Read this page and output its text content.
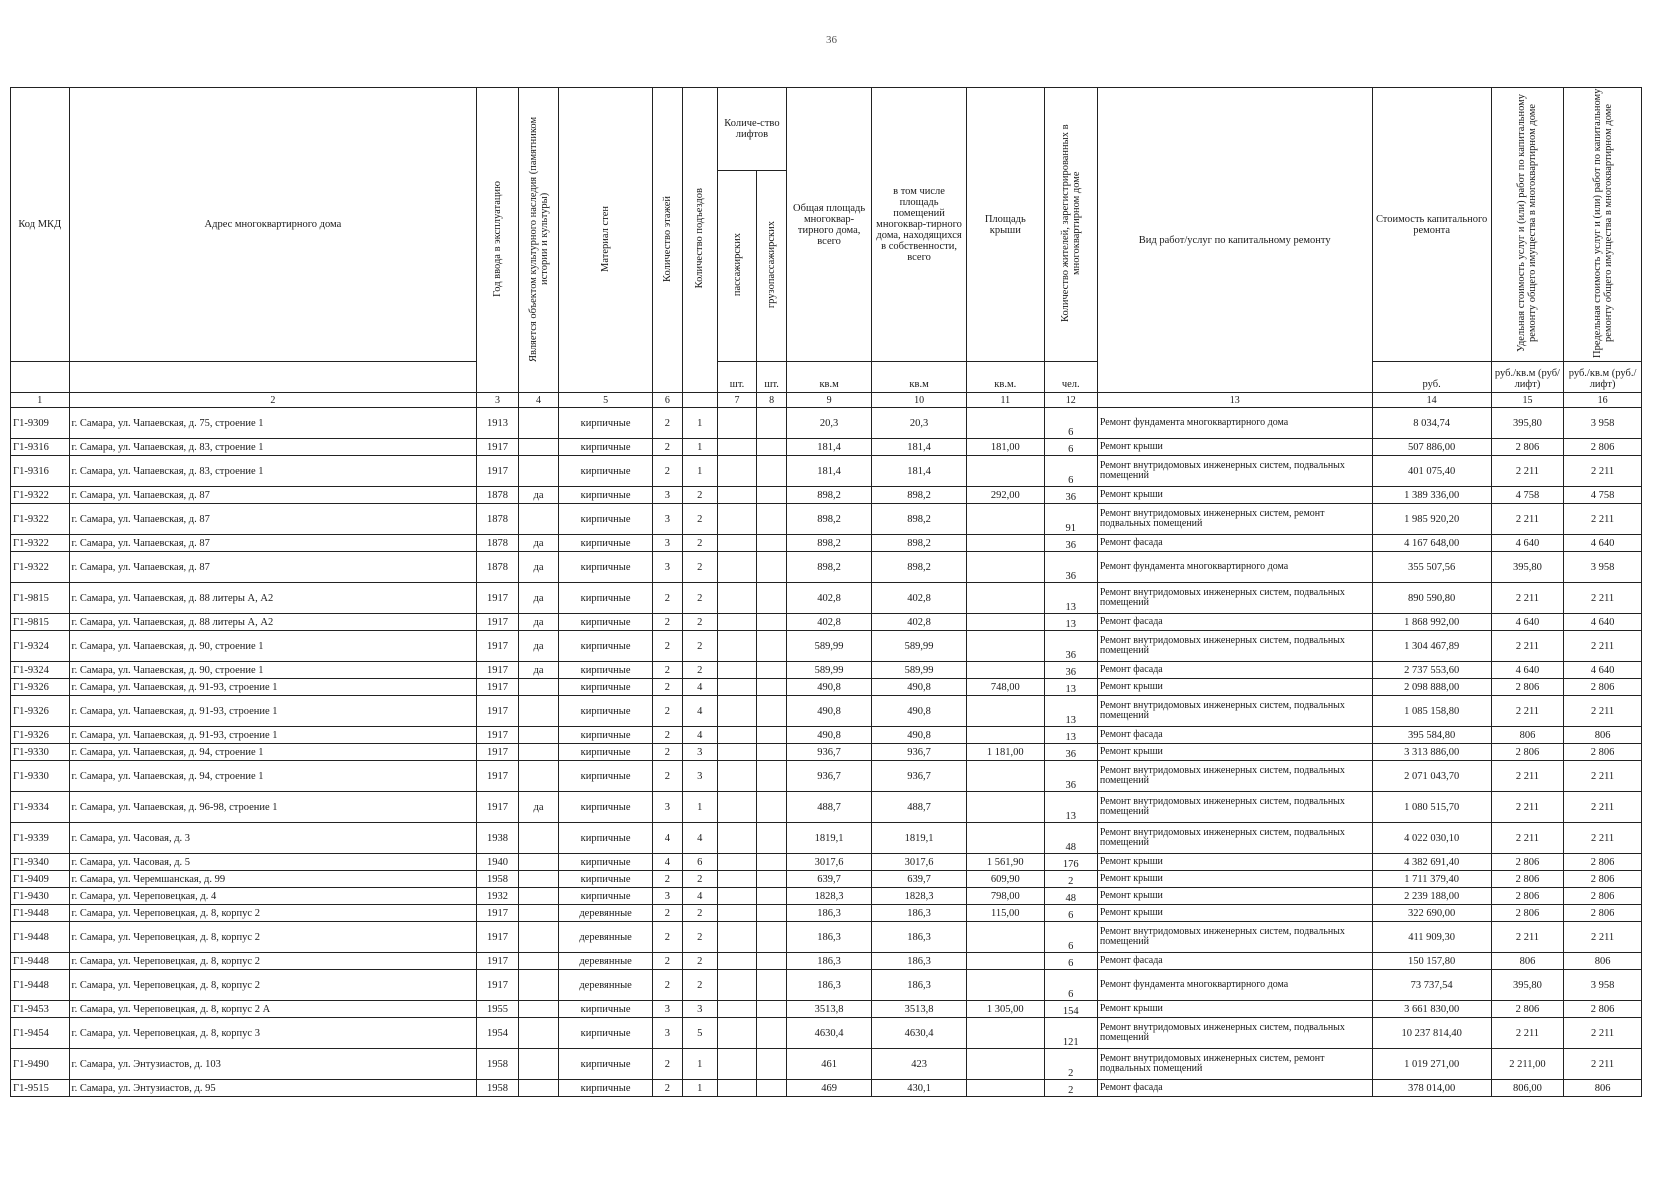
36
Код МКД	Адрес многоквартирного дома	Год ввода в эксплуатацию	Является объектом культурного наследия (памятником истории и культуры)	Материал стен	Количество этажей	Количество подъездов	Количе-ство лифтов		Общая площадь многоквар-тирного дома, всего	в том числе площадь помещений многоквар-тирного дома, находящихся в собственности, всего	Площадь крыши	Количество жителей, зарегистрированных в многоквартирном доме	Вид работ/услуг по капитальному ремонту	Стоимость капитального ремонта	Удельная стоимость услуг и (или) работ по капитальному ремонту общего имущества в многоквартирном доме	Предельная стоимость услуг и (или) работ по капитальному ремонту общего имущества в многоквартирном доме
							пассажирских	грузопассажирских								
							шт.	шт.	кв.м	кв.м	кв.м.	чел.		руб.	руб./кв.м (руб/лифт)	руб./кв.м (руб./лифт)
1	2	3	4	5	6		7	8	9	10	11	12	13	14	15	16
Г1-9309	г. Самара, ул. Чапаевская, д. 75, строение 1	1913		кирпичные	2	1			20,3	20,3		6	Ремонт фундамента многоквартирного дома	8 034,74	395,80	3 958
Г1-9316	г. Самара, ул. Чапаевская, д. 83, строение 1	1917		кирпичные	2	1			181,4	181,4	181,00	6	Ремонт крыши	507 886,00	2 806	2 806
Г1-9316	г. Самара, ул. Чапаевская, д. 83, строение 1	1917		кирпичные	2	1			181,4	181,4		6	Ремонт внутридомовых инженерных систем, подвальных помещений	401 075,40	2 211	2 211
Г1-9322	г. Самара, ул. Чапаевская, д. 87	1878	да	кирпичные	3	2			898,2	898,2	292,00	36	Ремонт крыши	1 389 336,00	4 758	4 758
Г1-9322	г. Самара, ул. Чапаевская, д. 87	1878		кирпичные	3	2			898,2	898,2		91	Ремонт внутридомовых инженерных систем, ремонт подвальных помещений	1 985 920,20	2 211	2 211
Г1-9322	г. Самара, ул. Чапаевская, д. 87	1878	да	кирпичные	3	2			898,2	898,2		36	Ремонт фасада	4 167 648,00	4 640	4 640
Г1-9322	г. Самара, ул. Чапаевская, д. 87	1878	да	кирпичные	3	2			898,2	898,2		36	Ремонт фундамента многоквартирного дома	355 507,56	395,80	3 958
Г1-9815	г. Самара, ул. Чапаевская, д. 88 литеры А, А2	1917	да	кирпичные	2	2			402,8	402,8		13	Ремонт внутридомовых инженерных систем, подвальных помещений	890 590,80	2 211	2 211
Г1-9815	г. Самара, ул. Чапаевская, д. 88 литеры А, А2	1917	да	кирпичные	2	2			402,8	402,8		13	Ремонт фасада	1 868 992,00	4 640	4 640
Г1-9324	г. Самара, ул. Чапаевская, д. 90, строение 1	1917	да	кирпичные	2	2			589,99	589,99		36	Ремонт внутридомовых инженерных систем, подвальных помещений	1 304 467,89	2 211	2 211
Г1-9324	г. Самара, ул. Чапаевская, д. 90, строение 1	1917	да	кирпичные	2	2			589,99	589,99		36	Ремонт фасада	2 737 553,60	4 640	4 640
Г1-9326	г. Самара, ул. Чапаевская, д. 91-93, строение 1	1917		кирпичные	2	4			490,8	490,8	748,00	13	Ремонт крыши	2 098 888,00	2 806	2 806
Г1-9326	г. Самара, ул. Чапаевская, д. 91-93, строение 1	1917		кирпичные	2	4			490,8	490,8		13	Ремонт внутридомовых инженерных систем, подвальных помещений	1 085 158,80	2 211	2 211
Г1-9326	г. Самара, ул. Чапаевская, д. 91-93, строение 1	1917		кирпичные	2	4			490,8	490,8		13	Ремонт фасада	395 584,80	806	806
Г1-9330	г. Самара, ул. Чапаевская, д. 94, строение 1	1917		кирпичные	2	3			936,7	936,7	1 181,00	36	Ремонт крыши	3 313 886,00	2 806	2 806
Г1-9330	г. Самара, ул. Чапаевская, д. 94, строение 1	1917		кирпичные	2	3			936,7	936,7		36	Ремонт внутридомовых инженерных систем, подвальных помещений	2 071 043,70	2 211	2 211
Г1-9334	г. Самара, ул. Чапаевская, д. 96-98, строение 1	1917	да	кирпичные	3	1			488,7	488,7		13	Ремонт внутридомовых инженерных систем, подвальных помещений	1 080 515,70	2 211	2 211
Г1-9339	г. Самара, ул. Часовая, д. 3	1938		кирпичные	4	4			1819,1	1819,1		48	Ремонт внутридомовых инженерных систем, подвальных помещений	4 022 030,10	2 211	2 211
Г1-9340	г. Самара, ул. Часовая, д. 5	1940		кирпичные	4	6			3017,6	3017,6	1 561,90	176	Ремонт крыши	4 382 691,40	2 806	2 806
Г1-9409	г. Самара, ул. Черемшанская, д. 99	1958		кирпичные	2	2			639,7	639,7	609,90	2	Ремонт крыши	1 711 379,40	2 806	2 806
Г1-9430	г. Самара, ул. Череповецкая, д. 4	1932		кирпичные	3	4			1828,3	1828,3	798,00	48	Ремонт крыши	2 239 188,00	2 806	2 806
Г1-9448	г. Самара, ул. Череповецкая, д. 8, корпус 2	1917		деревянные	2	2			186,3	186,3	115,00	6	Ремонт крыши	322 690,00	2 806	2 806
Г1-9448	г. Самара, ул. Череповецкая, д. 8, корпус 2	1917		деревянные	2	2			186,3	186,3		6	Ремонт внутридомовых инженерных систем, подвальных помещений	411 909,30	2 211	2 211
Г1-9448	г. Самара, ул. Череповецкая, д. 8, корпус 2	1917		деревянные	2	2			186,3	186,3		6	Ремонт фасада	150 157,80	806	806
Г1-9448	г. Самара, ул. Череповецкая, д. 8, корпус 2	1917		деревянные	2	2			186,3	186,3		6	Ремонт фундамента многоквартирного дома	73 737,54	395,80	3 958
Г1-9453	г. Самара, ул. Череповецкая, д. 8, корпус 2 А	1955		кирпичные	3	3			3513,8	3513,8	1 305,00	154	Ремонт крыши	3 661 830,00	2 806	2 806
Г1-9454	г. Самара, ул. Череповецкая, д. 8, корпус 3	1954		кирпичные	3	5			4630,4	4630,4		121	Ремонт внутридомовых инженерных систем, подвальных помещений	10 237 814,40	2 211	2 211
Г1-9490	г. Самара, ул. Энтузиастов, д. 103	1958		кирпичные	2	1			461	423		2	Ремонт внутридомовых инженерных систем, ремонт подвальных помещений	1 019 271,00	2 211,00	2 211
Г1-9515	г. Самара, ул. Энтузиастов, д. 95	1958		кирпичные	2	1			469	430,1		2	Ремонт фасада	378 014,00	806,00	806
